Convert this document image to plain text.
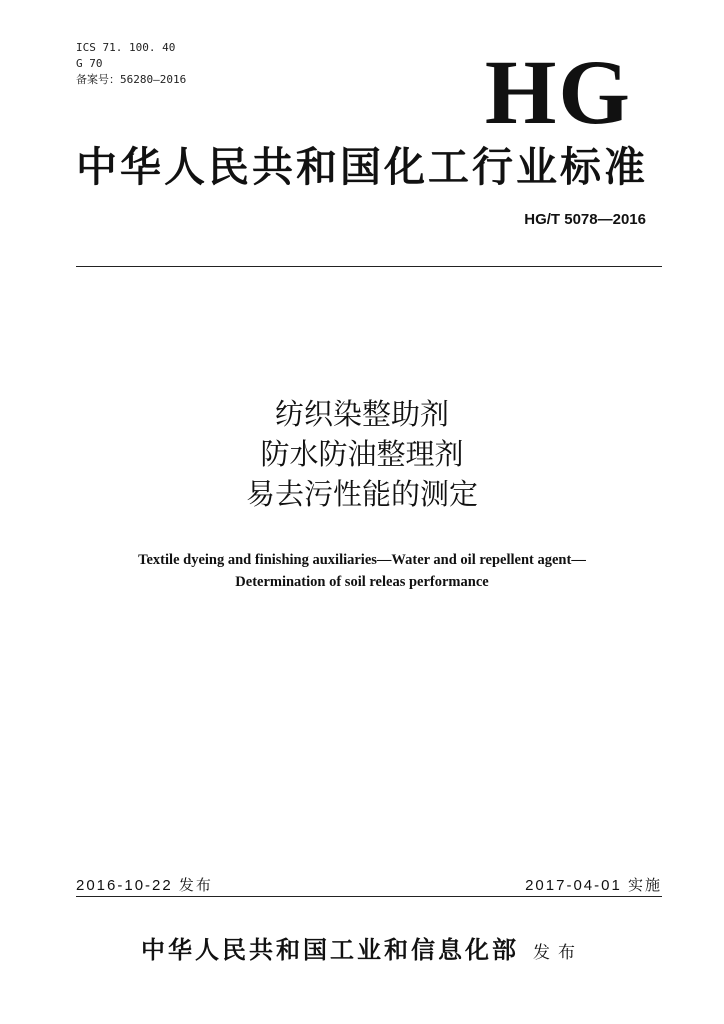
ICS 71. 100. 40
G 70
备案号：56280—2016	HG
中华人民共和国化工行业标准
HG/T 5078—2016
纺织染整助剂
防水防油整理剂
易去污性能的测定
Textile dyeing and finishing auxiliaries—Water and oil repellent agent—
Determination of soil releas performance
2016-10-22 发布	2017-04-01 实施
中华人民共和国工业和信息化部 发布
